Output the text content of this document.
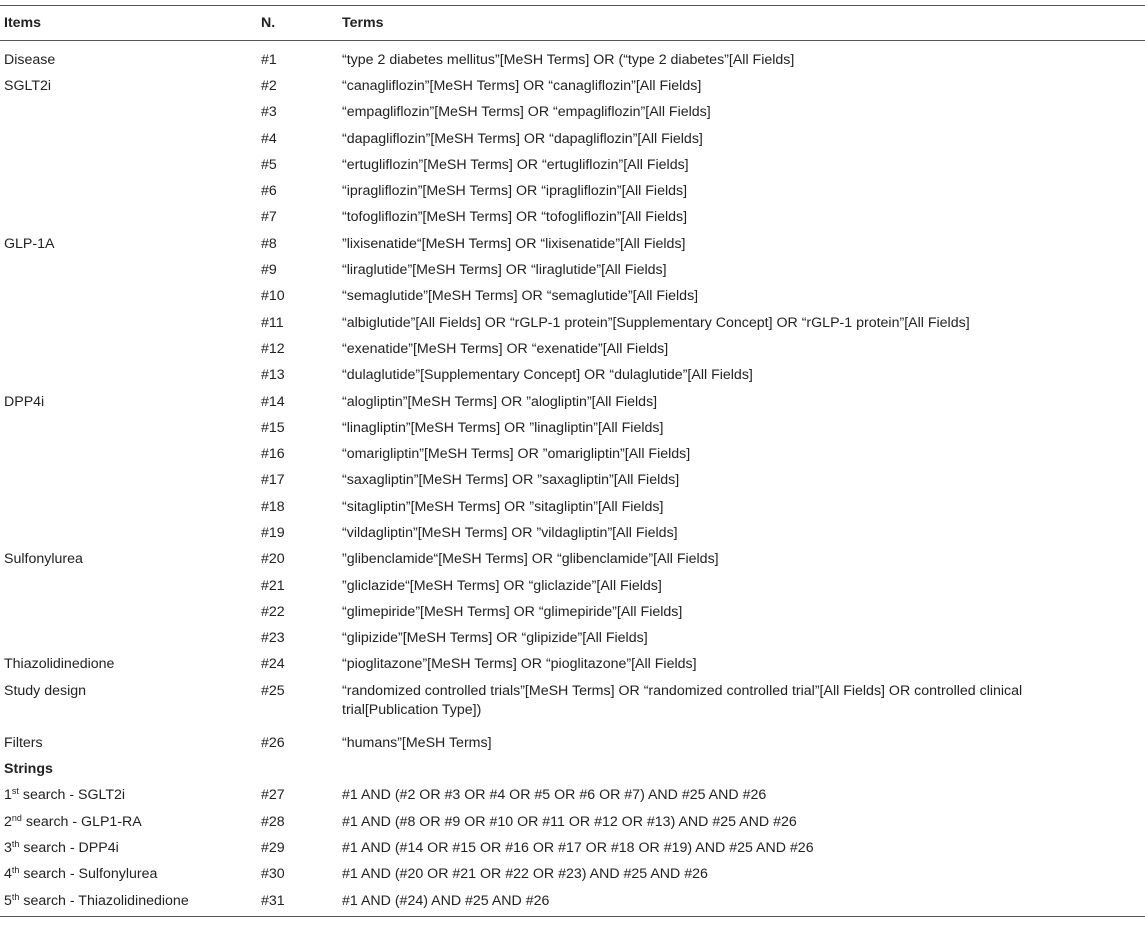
Items	N.	Terms
Disease	#1	“type 2 diabetes mellitus”[MeSH Terms] OR (“type 2 diabetes”[All Fields]
SGLT2i	#2	“canagliflozin”[MeSH Terms] OR “canagliflozin”[All Fields]
	#3	“empagliflozin”[MeSH Terms] OR “empagliflozin”[All Fields]
	#4	“dapagliflozin”[MeSH Terms] OR “dapagliflozin”[All Fields]
	#5	“ertugliflozin”[MeSH Terms] OR “ertugliflozin”[All Fields]
	#6	“ipragliflozin”[MeSH Terms] OR “ipragliflozin”[All Fields]
	#7	“tofogliflozin”[MeSH Terms] OR “tofogliflozin”[All Fields]
GLP-1A	#8	”lixisenatide“[MeSH Terms] OR “lixisenatide”[All Fields]
	#9	“liraglutide”[MeSH Terms] OR “liraglutide”[All Fields]
	#10	“semaglutide”[MeSH Terms] OR “semaglutide”[All Fields]
	#11	“albiglutide”[All Fields] OR “rGLP-1 protein”[Supplementary Concept] OR “rGLP-1 protein”[All Fields]
	#12	“exenatide”[MeSH Terms] OR “exenatide”[All Fields]
	#13	“dulaglutide”[Supplementary Concept] OR “dulaglutide”[All Fields]
DPP4i	#14	“alogliptin”[MeSH Terms] OR ”alogliptin”[All Fields]
	#15	“linagliptin”[MeSH Terms] OR ”linagliptin”[All Fields]
	#16	“omarigliptin”[MeSH Terms] OR ”omarigliptin”[All Fields]
	#17	“saxagliptin”[MeSH Terms] OR ”saxagliptin”[All Fields]
	#18	“sitagliptin”[MeSH Terms] OR ”sitagliptin”[All Fields]
	#19	“vildagliptin”[MeSH Terms] OR ”vildagliptin”[All Fields]
Sulfonylurea	#20	”glibenclamide“[MeSH Terms] OR “glibenclamide”[All Fields]
	#21	”gliclazide“[MeSH Terms] OR “gliclazide”[All Fields]
	#22	“glimepiride”[MeSH Terms] OR “glimepiride”[All Fields]
	#23	“glipizide”[MeSH Terms] OR “glipizide”[All Fields]
Thiazolidinedione	#24	“pioglitazone”[MeSH Terms] OR “pioglitazone”[All Fields]
Study design	#25	“randomized controlled trials”[MeSH Terms] OR “randomized controlled trial”[All Fields] OR controlled clinical trial[Publication Type])
Filters	#26	“humans”[MeSH Terms]
Strings		
1st search - SGLT2i	#27	#1 AND (#2 OR #3 OR #4 OR #5 OR #6 OR #7) AND #25 AND #26
2nd search - GLP1-RA	#28	#1 AND (#8 OR #9 OR #10 OR #11 OR #12 OR #13) AND #25 AND #26
3th search - DPP4i	#29	#1 AND (#14 OR #15 OR #16 OR #17 OR #18 OR #19) AND #25 AND #26
4th search - Sulfonylurea	#30	#1 AND (#20 OR #21 OR #22 OR #23) AND #25 AND #26
5th search - Thiazolidinedione	#31	#1 AND (#24) AND #25 AND #26
